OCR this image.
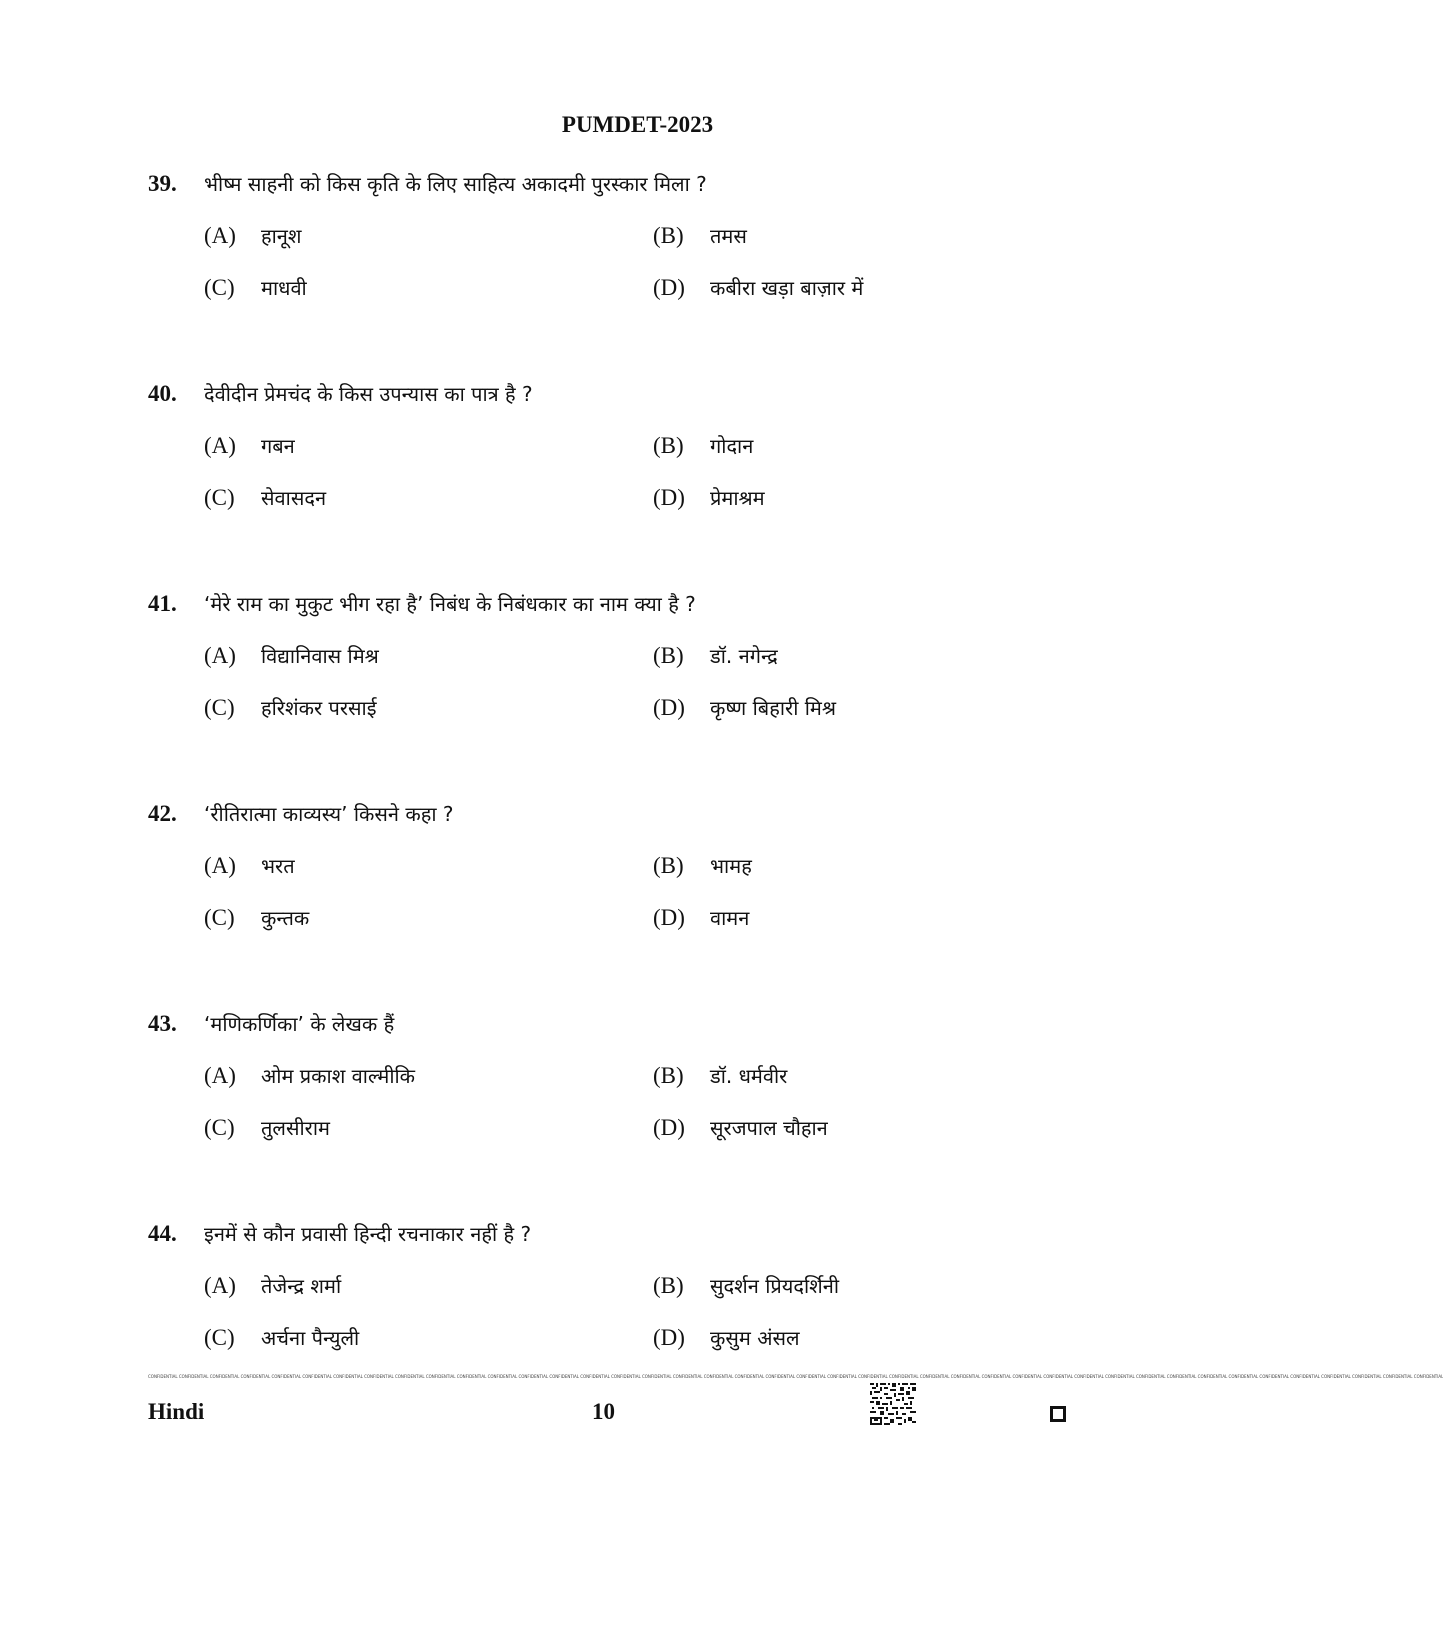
PUMDET-2023
39.	भीष्म साहनी को किस कृति के लिए साहित्य अकादमी पुरस्कार मिला ?
(A)	हानूश	(B)	तमस
(C)	माधवी	(D)	कबीरा खड़ा बाज़ार में
40.	देवीदीन प्रेमचंद के किस उपन्यास का पात्र है ?
(A)	गबन	(B)	गोदान
(C)	सेवासदन	(D)	प्रेमाश्रम
41.	‘मेरे राम का मुकुट भीग रहा है’ निबंध के निबंधकार का नाम क्या है ?
(A)	विद्यानिवास मिश्र	(B)	डॉ. नगेन्द्र
(C)	हरिशंकर परसाई	(D)	कृष्ण बिहारी मिश्र
42.	‘रीतिरात्मा काव्यस्य’ किसने कहा ?
(A)	भरत	(B)	भामह
(C)	कुन्तक	(D)	वामन
43.	‘मणिकर्णिका’ के लेखक हैं
(A)	ओम प्रकाश वाल्मीकि	(B)	डॉ. धर्मवीर
(C)	तुलसीराम	(D)	सूरजपाल चौहान
44.	इनमें से कौन प्रवासी हिन्दी रचनाकार नहीं है ?
(A)	तेजेन्द्र शर्मा	(B)	सुदर्शन प्रियदर्शिनी
(C)	अर्चना पैन्युली	(D)	कुसुम अंसल
CONFIDENTIAL CONFIDENTIAL CONFIDENTIAL CONFIDENTIAL CONFIDENTIAL CONFIDENTIAL CONFIDENTIAL CONFIDENTIAL CONFIDENTIAL CONFIDENTIAL CONFIDENTIAL CONFIDENTIAL CONFIDENTIAL CONFIDENTIAL CONFIDENTIAL CONFIDENTIAL CONFIDENTIAL CONFIDENTIAL CONFIDENTIAL CONFIDENTIAL CONFIDENTIAL CONFIDENTIAL CONFIDENTIAL CONFIDENTIAL CONFIDENTIAL CONFIDENTIAL CONFIDENTIAL CONFIDENTIAL CONFIDENTIAL CONFIDENTIAL CONFIDENTIAL CONFIDENTIAL CONFIDENTIAL CONFIDENTIAL CONFIDENTIAL CONFIDENTIAL CONFIDENTIAL CONFIDENTIAL CONFIDENTIAL CONFIDENTIAL CONFIDENTIAL CONFIDENTIAL
Hindi	10
